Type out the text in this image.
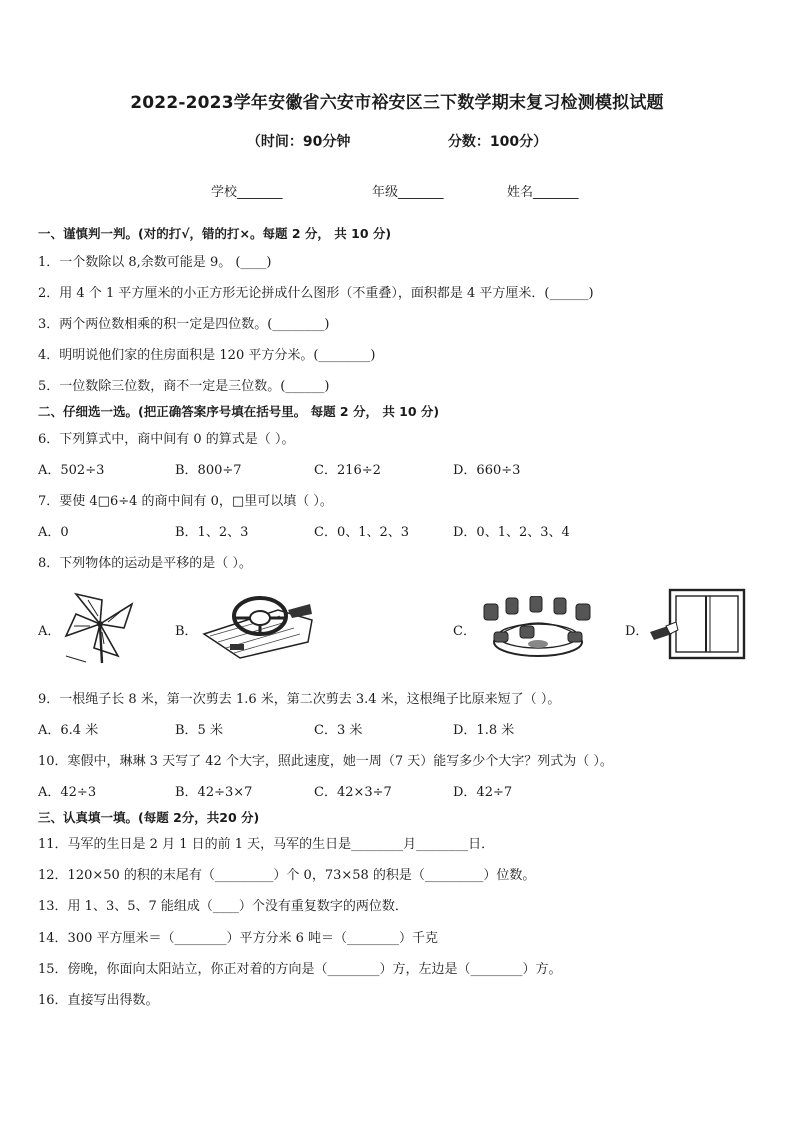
2022-2023学年安徽省六安市裕安区三下数学期末复习检测模拟试题
（时间：90分钟                    分数：100分）
学校_______	年级_______	姓名_______
一、谨慎判一判。(对的打√，错的打×。每题 2 分， 共 10 分)
1．一个数除以 8,余数可能是 9。 (____)
2．用 4 个 1 平方厘米的小正方形无论拼成什么图形（不重叠），面积都是 4 平方厘米．(______)
3．两个两位数相乘的积一定是四位数。(________)
4．明明说他们家的住房面积是 120 平方分米。(________)
5．一位数除三位数，商不一定是三位数。(______)
二、仔细选一选。(把正确答案序号填在括号里。 每题 2 分， 共 10 分)
6．下列算式中，商中间有 0 的算式是（ ）。
A．502÷3	B．800÷7	C．216÷2	D．660÷3
7．要使 4□6÷4 的商中间有 0，□里可以填（ ）。
A．0	B．1、2、3	C．0、1、2、3	D．0、1、2、3、4
8．下列物体的运动是平移的是（ ）。
A．	B．	C．	D．
9．一根绳子长 8 米，第一次剪去 1.6 米，第二次剪去 3.4 米，这根绳子比原来短了（ ）。
A．6.4 米	B．5 米	C．3 米	D．1.8 米
10．寒假中，琳琳 3 天写了 42 个大字，照此速度，她一周（7 天）能写多少个大字？列式为（ ）。
A．42÷3	B．42÷3×7	C．42×3÷7	D．42÷7
三、认真填一填。(每题 2分，共20 分)
11．马军的生日是 2 月 1 日的前 1 天，马军的生日是________月________日．
12．120×50 的积的末尾有（_________）个 0，73×58 的积是（_________）位数。
13．用 1、3、5、7 能组成（____）个没有重复数字的两位数．
14．300 平方厘米＝（________）平方分米 6 吨＝（________）千克
15．傍晚，你面向太阳站立，你正对着的方向是（________）方，左边是（________）方。
16．直接写出得数。
